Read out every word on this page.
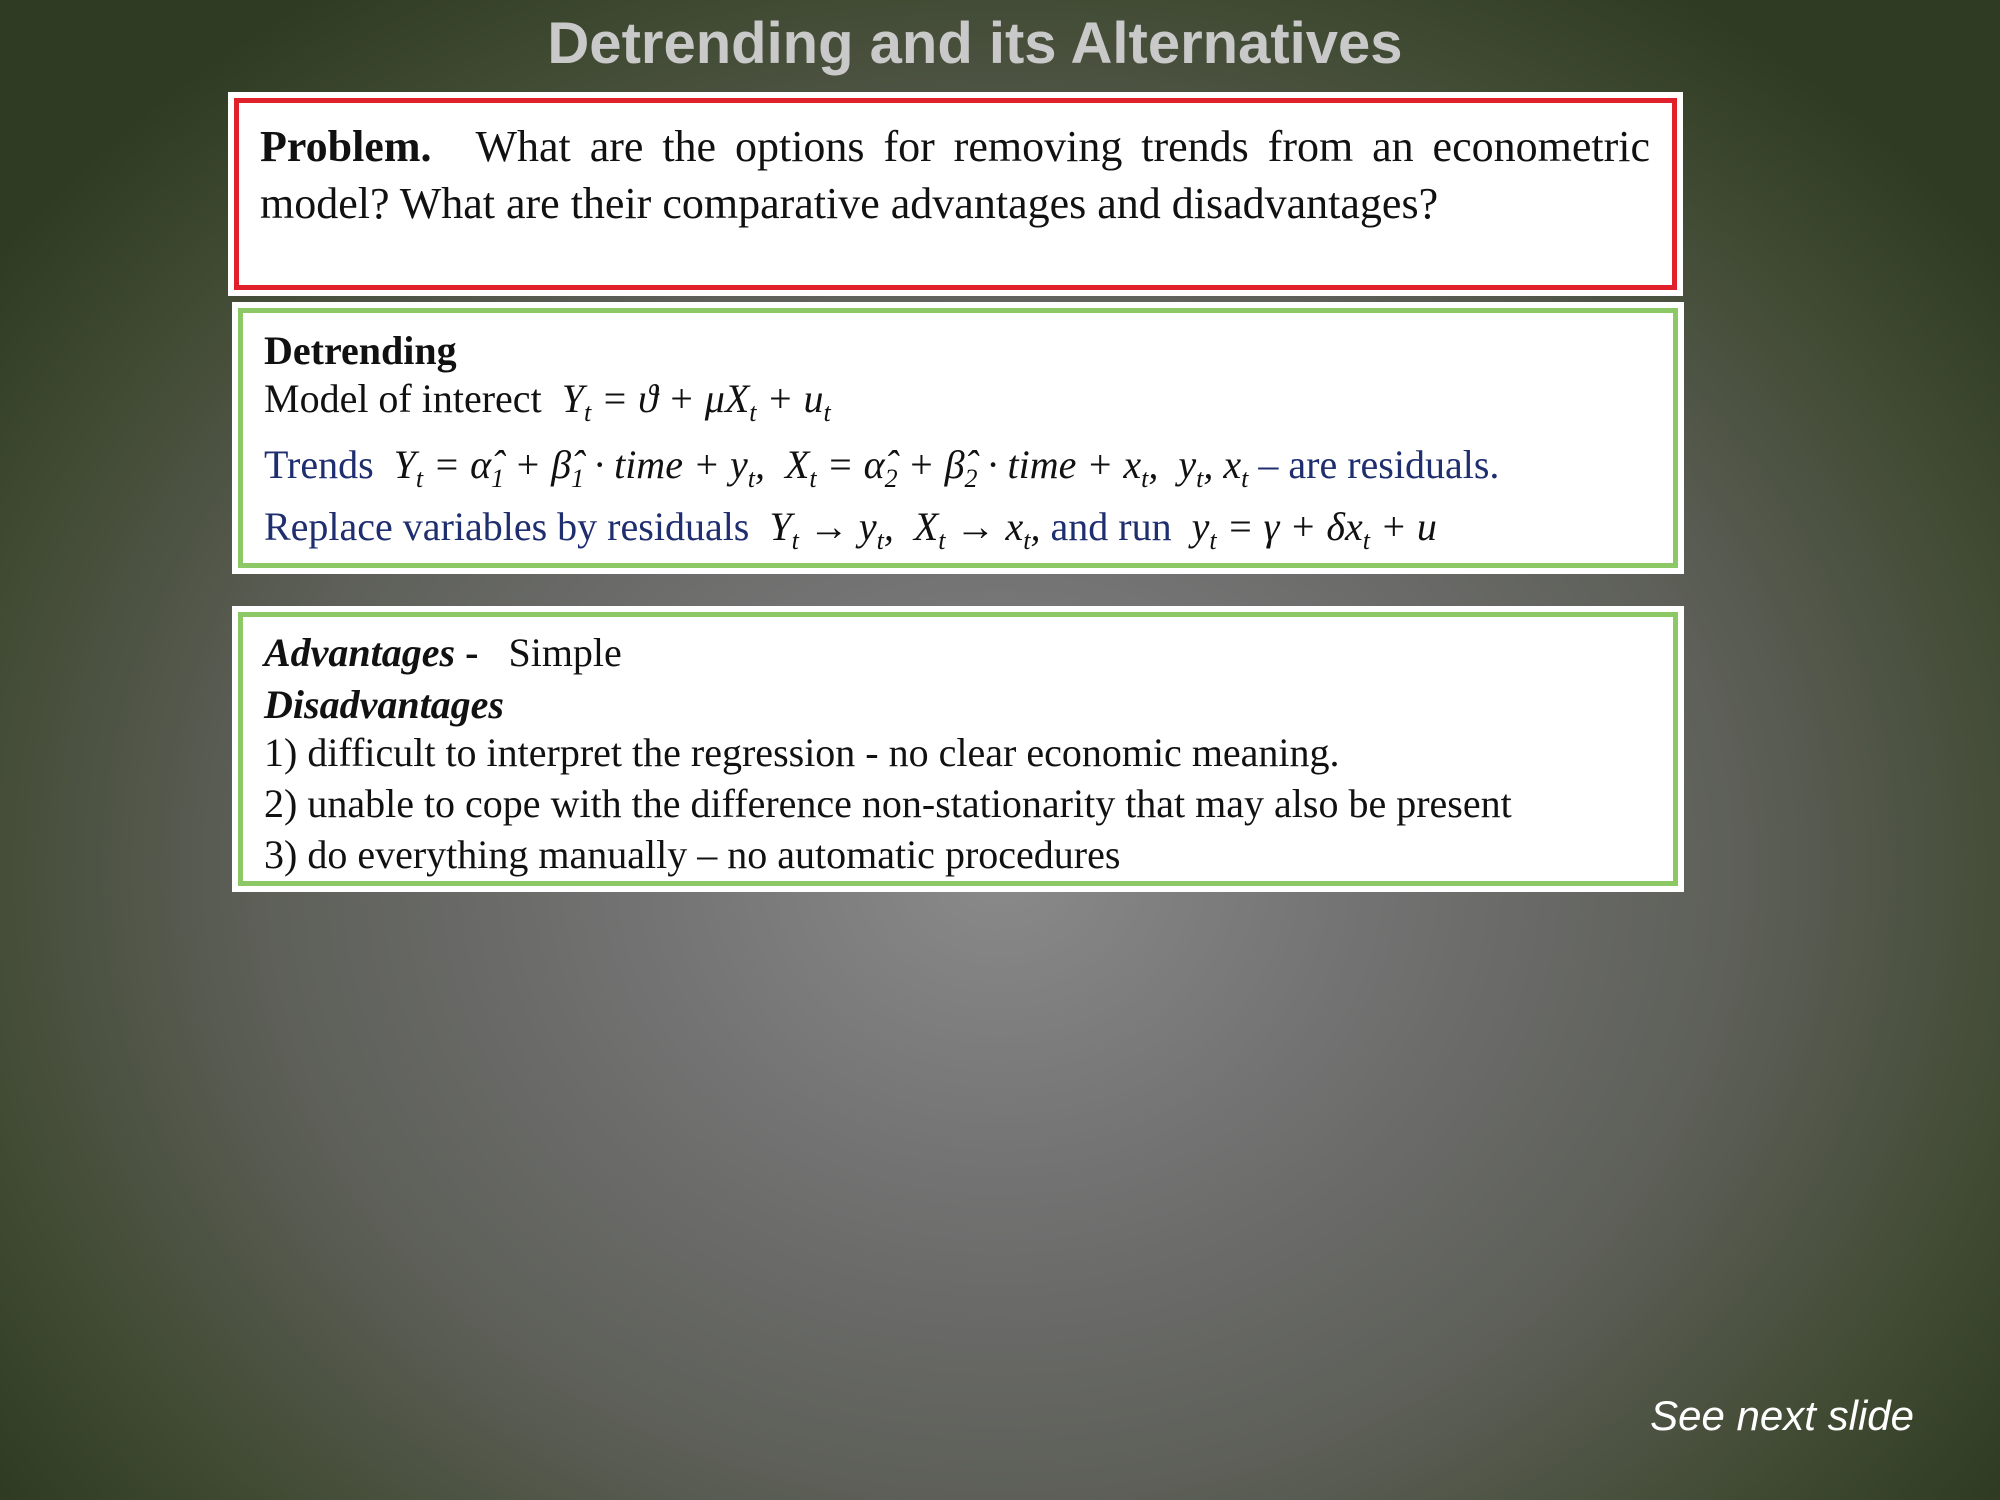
Detrending and its Alternatives

Problem. What are the options for removing trends from an econometric model? What are their comparative advantages and disadvantages?

Detrending
Model of interect  $Y_t = ϑ + \mu X_t + u_t$
Trends  $Y_t$ = $\alphâ_1$ + $\betâ_1$ · time + $y_t$,  $X_t$ = $\alphâ_2$ + $\betâ_2$ · time + $x_t$,  $y_t$, $x_t$ – are residuals.
Replace variables by residuals  $Y_t \to y_t$,  $X_t \to x_t$, and run  $y_t = \gamma + \delta x_t + u$
Advantages - Simple
Disadvantages
1) difficult to interpret the regression - no clear economic meaning.
2) unable to cope with the difference non-stationarity that may also be present
3) do everything manually – no automatic procedures
See next slide
